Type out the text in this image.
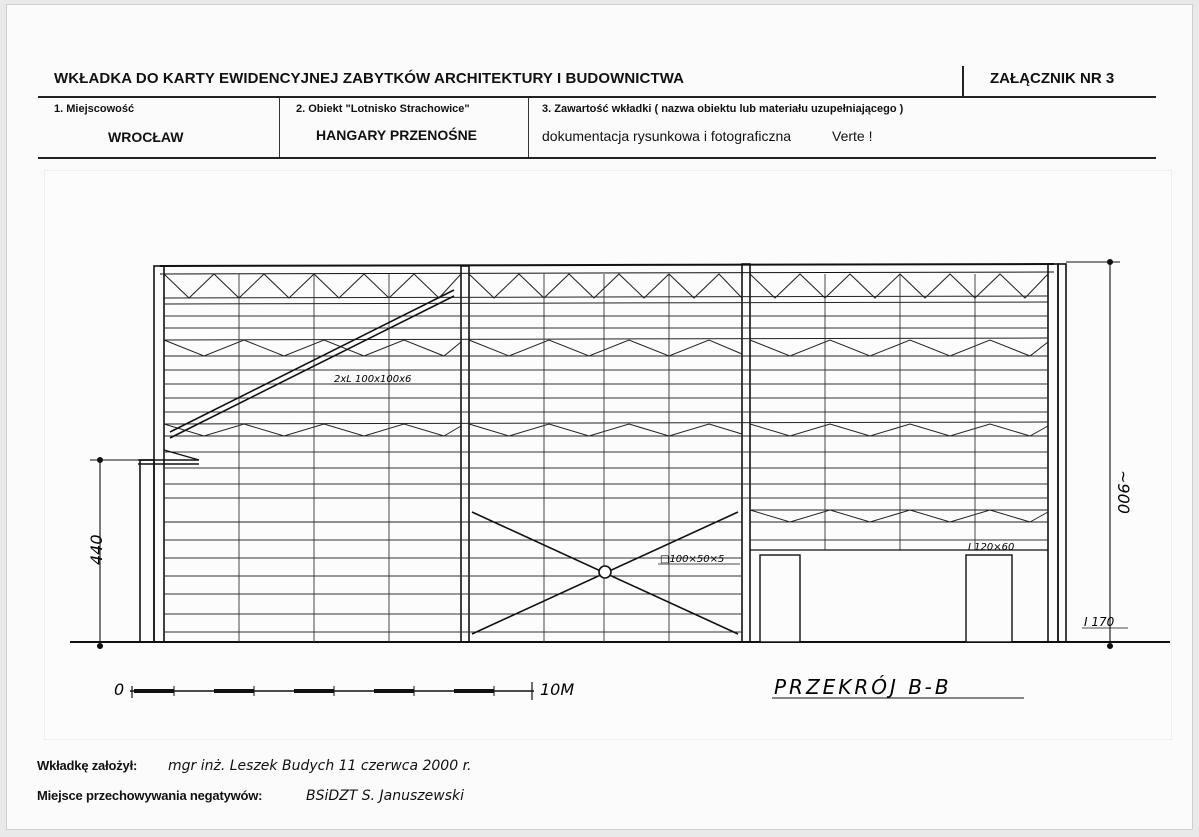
WKŁADKA DO KARTY EWIDENCYJNEJ ZABYTKÓW ARCHITEKTURY I BUDOWNICTWA	ZAŁĄCZNIK NR 3
1. Miejscowość
WROCŁAW
2. Obiekt "Lotnisko Strachowice"
HANGARY PRZENOŚNE
3. Zawartość wkładki ( nazwa obiektu lub materiału uzupełniającego )
dokumentacja rysunkowa i fotograficzna	Verte !
440
~900
2xL 100x100x6
□100×50×5
I 120×60
I 170
0	10M	PRZEKRÓJ B-B
Wkładkę założył: mgr inż. Leszek Budych 11 czerwca 2000 r.
Miejsce przechowywania negatywów:	BSiDZT S. Januszewski
